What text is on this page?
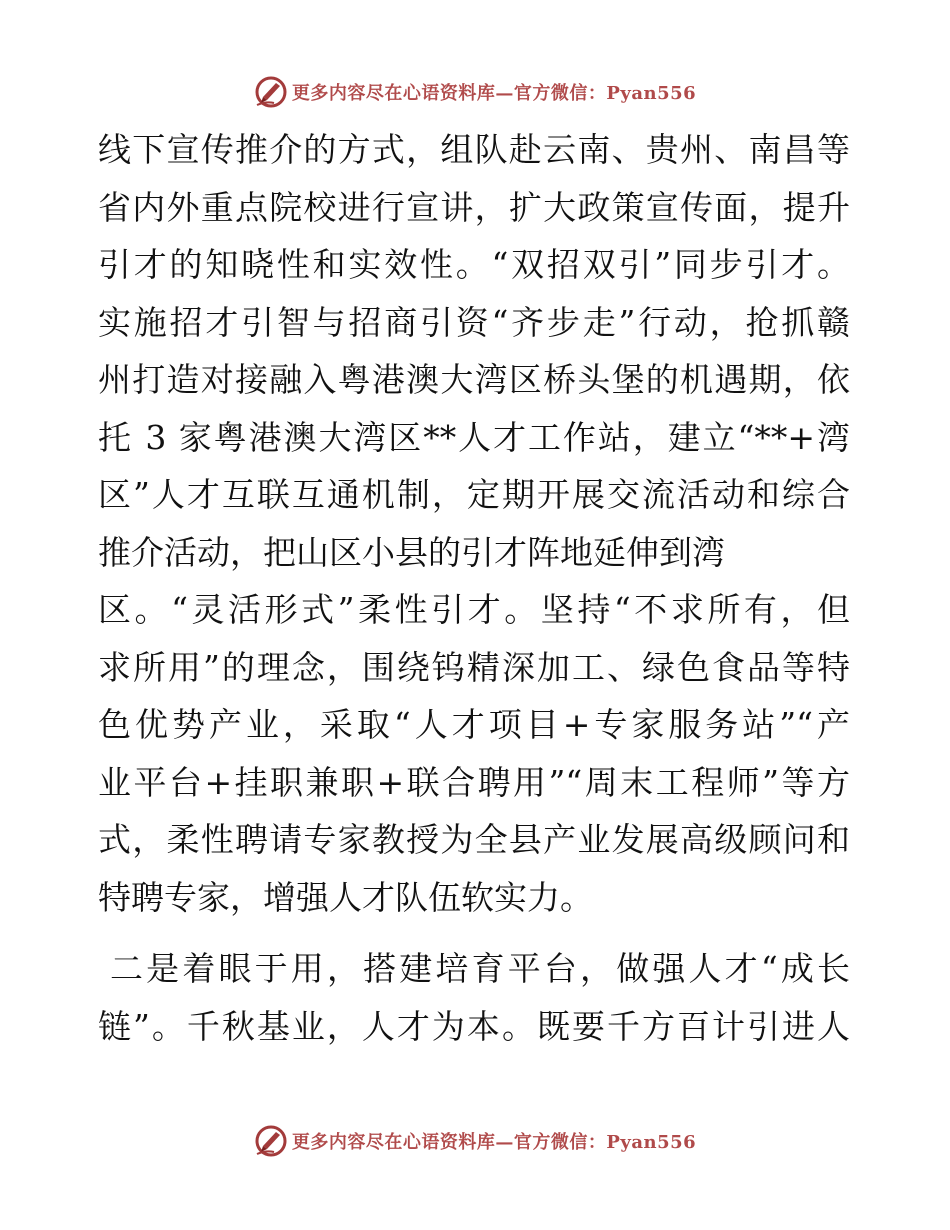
更多内容尽在心语资料库—官方微信：Pyan556
线下宣传推介的方式，组队赴云南、贵州、南昌等
省内外重点院校进行宣讲，扩大政策宣传面，提升
引才的知晓性和实效性。“双招双引”同步引才。
实施招才引智与招商引资“齐步走”行动，抢抓赣
州打造对接融入粤港澳大湾区桥头堡的机遇期，依
托 3 家粤港澳大湾区**人才工作站，建立“**+湾
区”人才互联互通机制，定期开展交流活动和综合
推介活动，把山区小县的引才阵地延伸到湾
区。“灵活形式”柔性引才。坚持“不求所有，但
求所用”的理念，围绕钨精深加工、绿色食品等特
色优势产业，采取“人才项目+专家服务站”“产
业平台+挂职兼职+联合聘用”“周末工程师”等方
式，柔性聘请专家教授为全县产业发展高级顾问和
特聘专家，增强人才队伍软实力。
二是着眼于用，搭建培育平台，做强人才“成长
链”。千秋基业，人才为本。既要千方百计引进人
更多内容尽在心语资料库—官方微信：Pyan556
